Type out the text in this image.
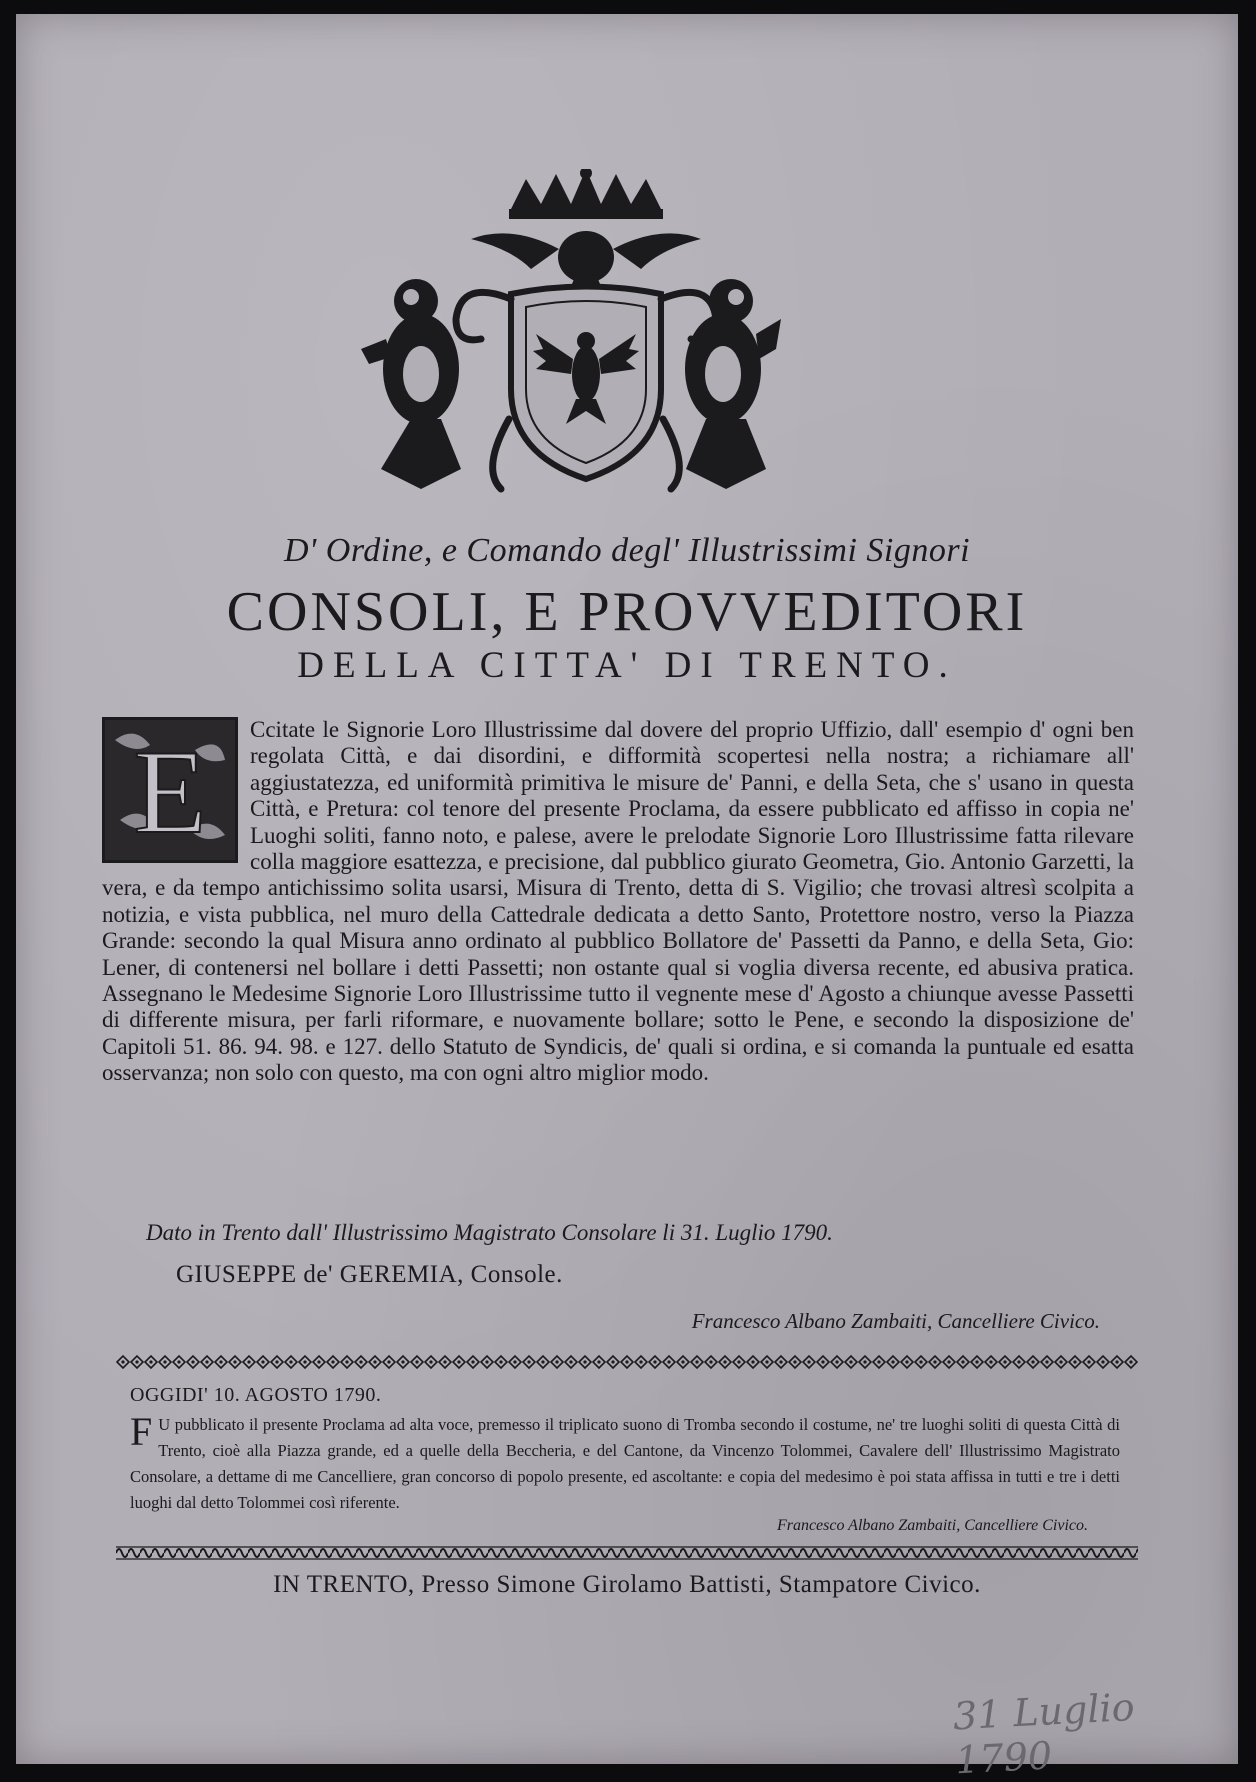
D' Ordine, e Comando degl' Illustrissimi Signori
CONSOLI, E PROVVEDITORI
DELLA CITTA' DI TRENTO.
E Ccitate le Signorie Loro Illustrissime dal dovere del proprio Uffizio, dall' esempio d' ogni ben regolata Città, e dai disordini, e difformità scopertesi nella nostra; a richiamare all' aggiustatezza, ed uniformità primitiva le misure de' Panni, e della Seta, che s' usano in questa Città, e Pretura: col tenore del presente Proclama, da essere pubblicato ed affisso in copia ne' Luoghi soliti, fanno noto, e palese, avere le prelodate Signorie Loro Illustrissime fatta rilevare colla maggiore esattezza, e precisione, dal pubblico giurato Geometra, Gio. Antonio Garzetti, la vera, e da tempo antichissimo solita usarsi, Misura di Trento, detta di S. Vigilio; che trovasi altresì scolpita a notizia, e vista pubblica, nel muro della Cattedrale dedicata a detto Santo, Protettore nostro, verso la Piazza Grande: secondo la qual Misura anno ordinato al pubblico Bollatore de' Passetti da Panno, e della Seta, Gio: Lener, di contenersi nel bollare i detti Passetti; non ostante qual si voglia diversa recente, ed abusiva pratica. Assegnano le Medesime Signorie Loro Illustrissime tutto il vegnente mese d' Agosto a chiunque avesse Passetti di differente misura, per farli riformare, e nuovamente bollare; sotto le Pene, e secondo la disposizione de' Capitoli 51. 86. 94. 98. e 127. dello Statuto de Syndicis, de' quali si ordina, e si comanda la puntuale ed esatta osservanza; non solo con questo, ma con ogni altro miglior modo.
Dato in Trento dall' Illustrissimo Magistrato Consolare li 31. Luglio 1790.
GIUSEPPE de' GEREMIA, Console.
Francesco Albano Zambaiti, Cancelliere Civico.
OGGIDI' 10. AGOSTO 1790.
F U pubblicato il presente Proclama ad alta voce, premesso il triplicato suono di Tromba secondo il costume, ne' tre luoghi soliti di questa Città di Trento, cioè alla Piazza grande, ed a quelle della Beccheria, e del Cantone, da Vincenzo Tolommei, Cavalere dell' Illustrissimo Magistrato Consolare, a dettame di me Cancelliere, gran concorso di popolo presente, ed ascoltante: e copia del medesimo è poi stata affissa in tutti e tre i detti luoghi dal detto Tolommei così riferente.
Francesco Albano Zambaiti, Cancelliere Civico.
IN TRENTO, Presso Simone Girolamo Battisti, Stampatore Civico.
31 Luglio 1790
